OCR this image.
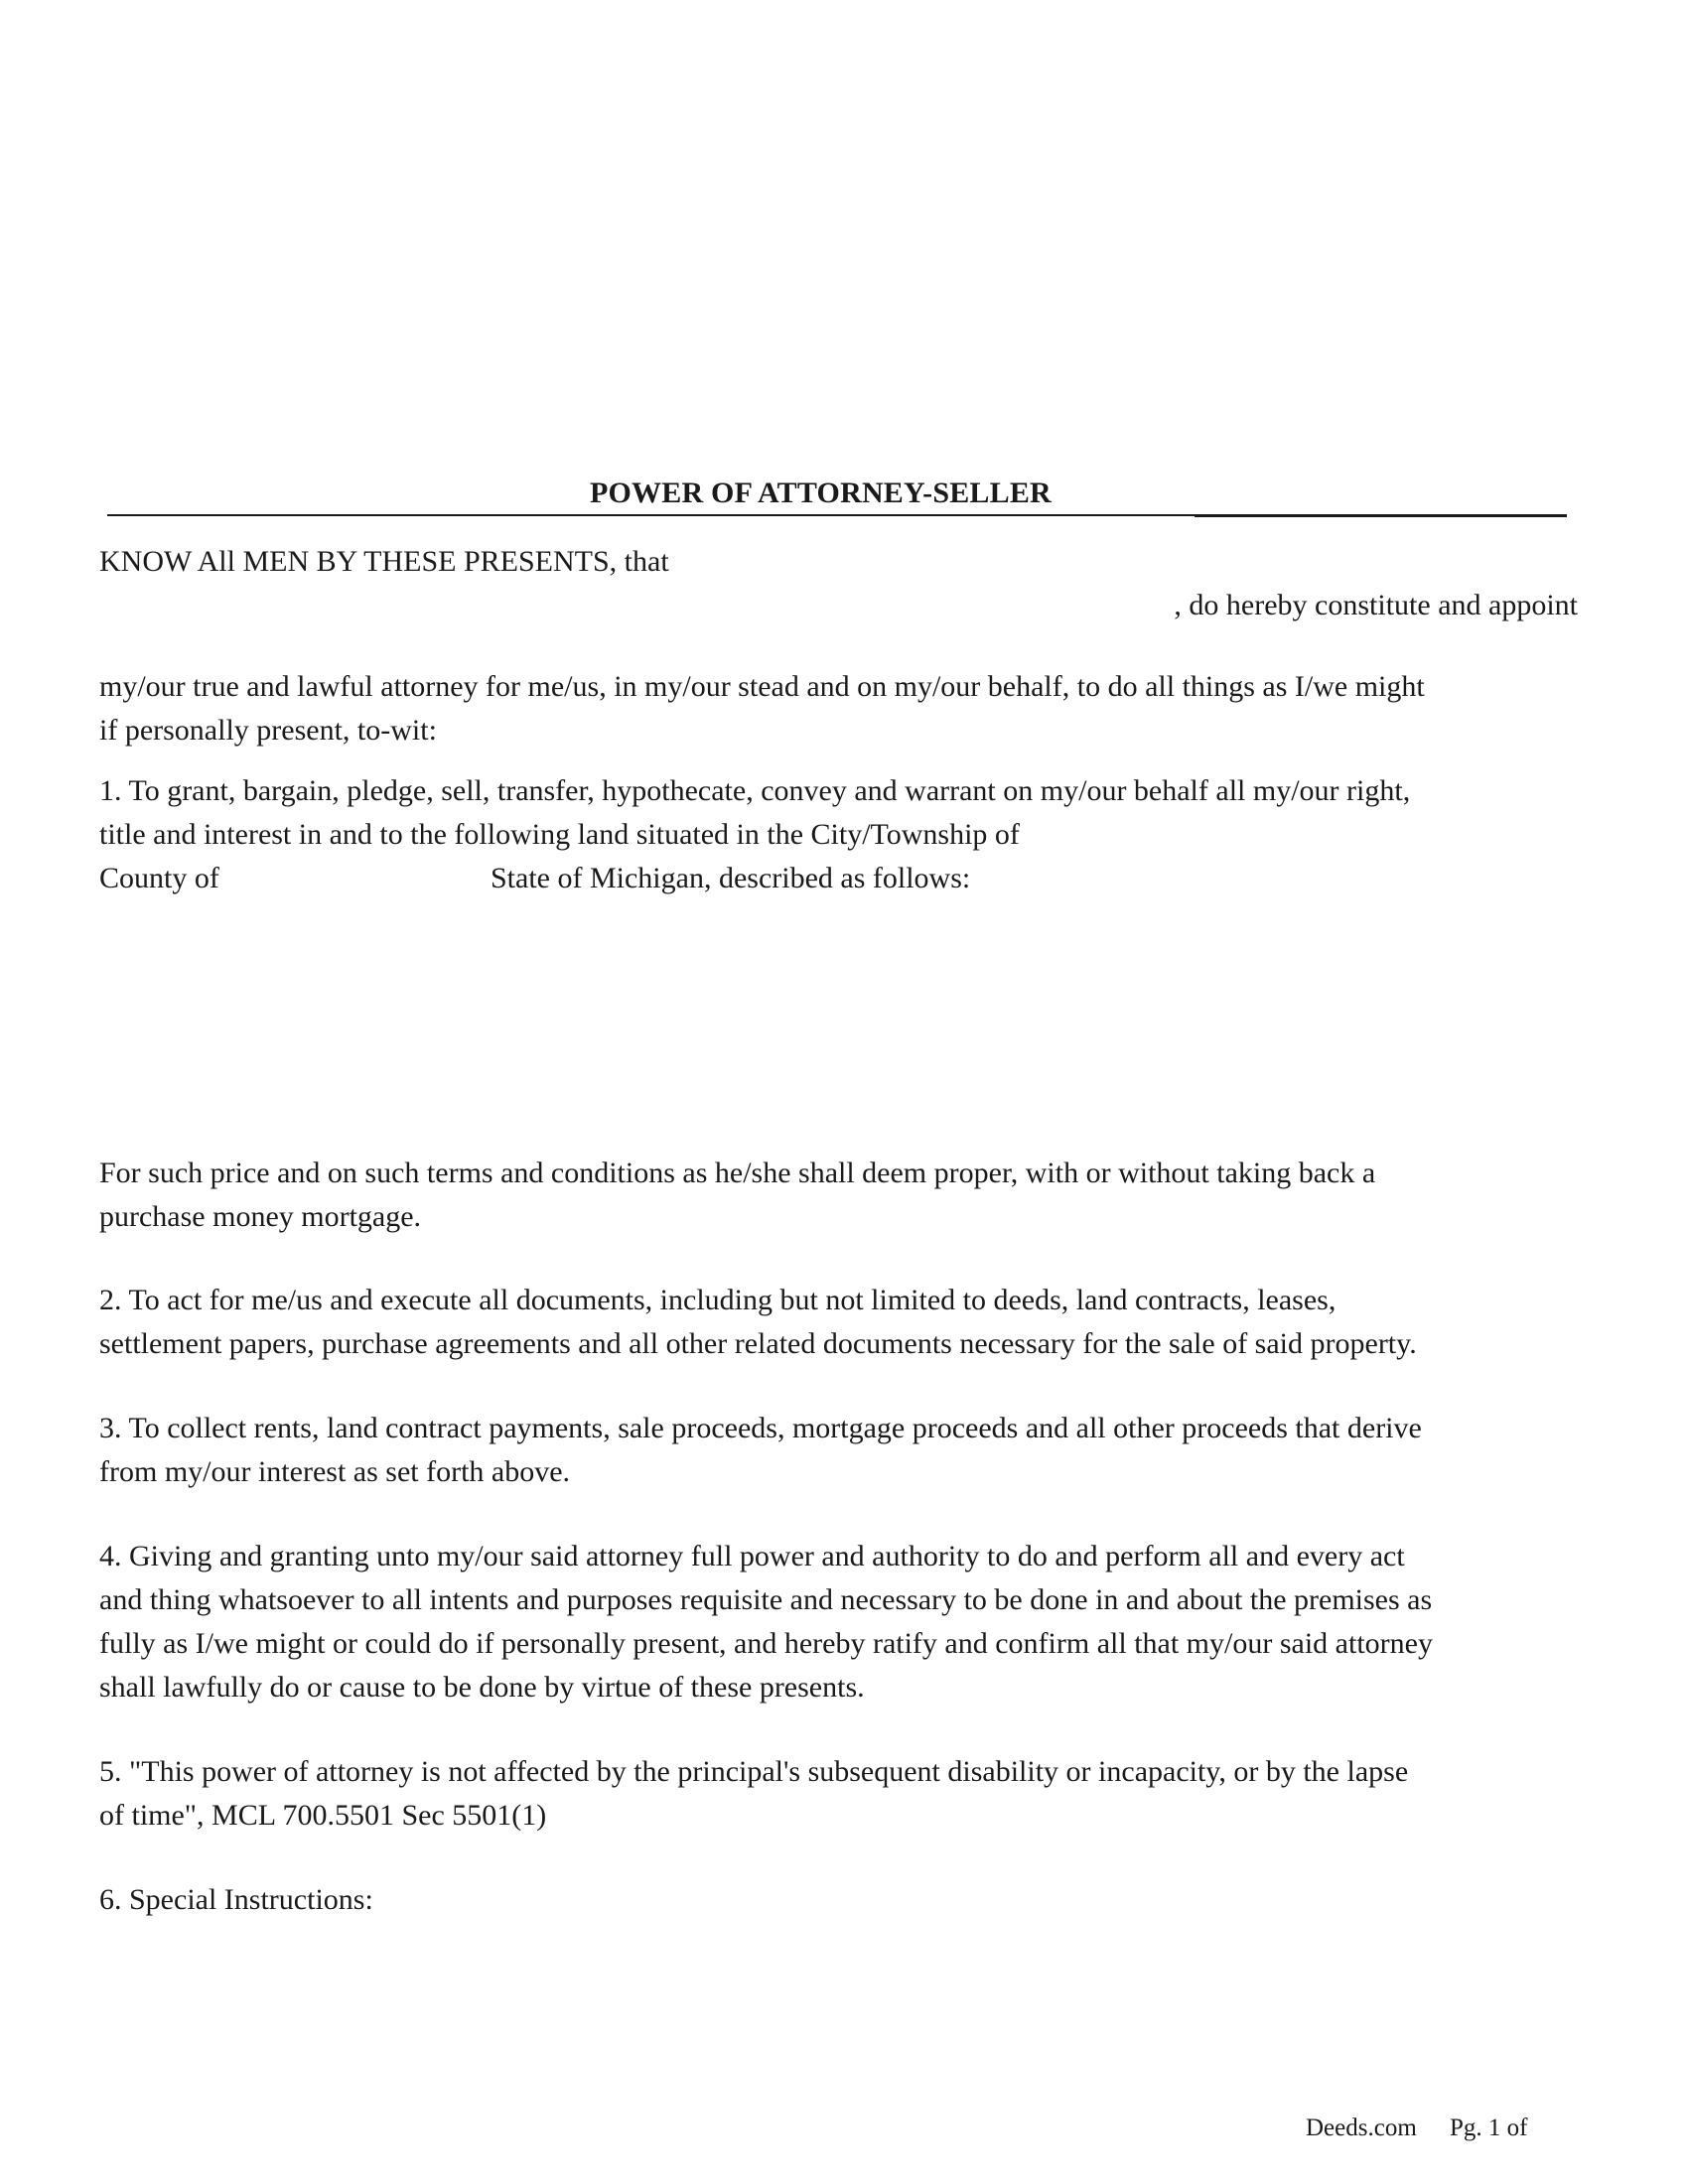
POWER OF ATTORNEY-SELLER
KNOW All MEN BY THESE PRESENTS, that
, do hereby constitute and appoint
my/our true and lawful attorney for me/us, in my/our stead and on my/our behalf, to do all things as I/we might
if personally present, to-wit:
1. To grant, bargain, pledge, sell, transfer, hypothecate, convey and warrant on my/our behalf all my/our right,
title and interest in and to the following land situated in the City/Township of
County of	State of Michigan, described as follows:
For such price and on such terms and conditions as he/she shall deem proper, with or without taking back a
purchase money mortgage.
2. To act for me/us and execute all documents, including but not limited to deeds, land contracts, leases,
settlement papers, purchase agreements and all other related documents necessary for the sale of said property.
3. To collect rents, land contract payments, sale proceeds, mortgage proceeds and all other proceeds that derive
from my/our interest as set forth above.
4. Giving and granting unto my/our said attorney full power and authority to do and perform all and every act
and thing whatsoever to all intents and purposes requisite and necessary to be done in and about the premises as
fully as I/we might or could do if personally present, and hereby ratify and confirm all that my/our said attorney
shall lawfully do or cause to be done by virtue of these presents.
5. "This power of attorney is not affected by the principal's subsequent disability or incapacity, or by the lapse
of time", MCL 700.5501 Sec 5501(1)
6. Special Instructions:
Deeds.com Pg. 1 of
